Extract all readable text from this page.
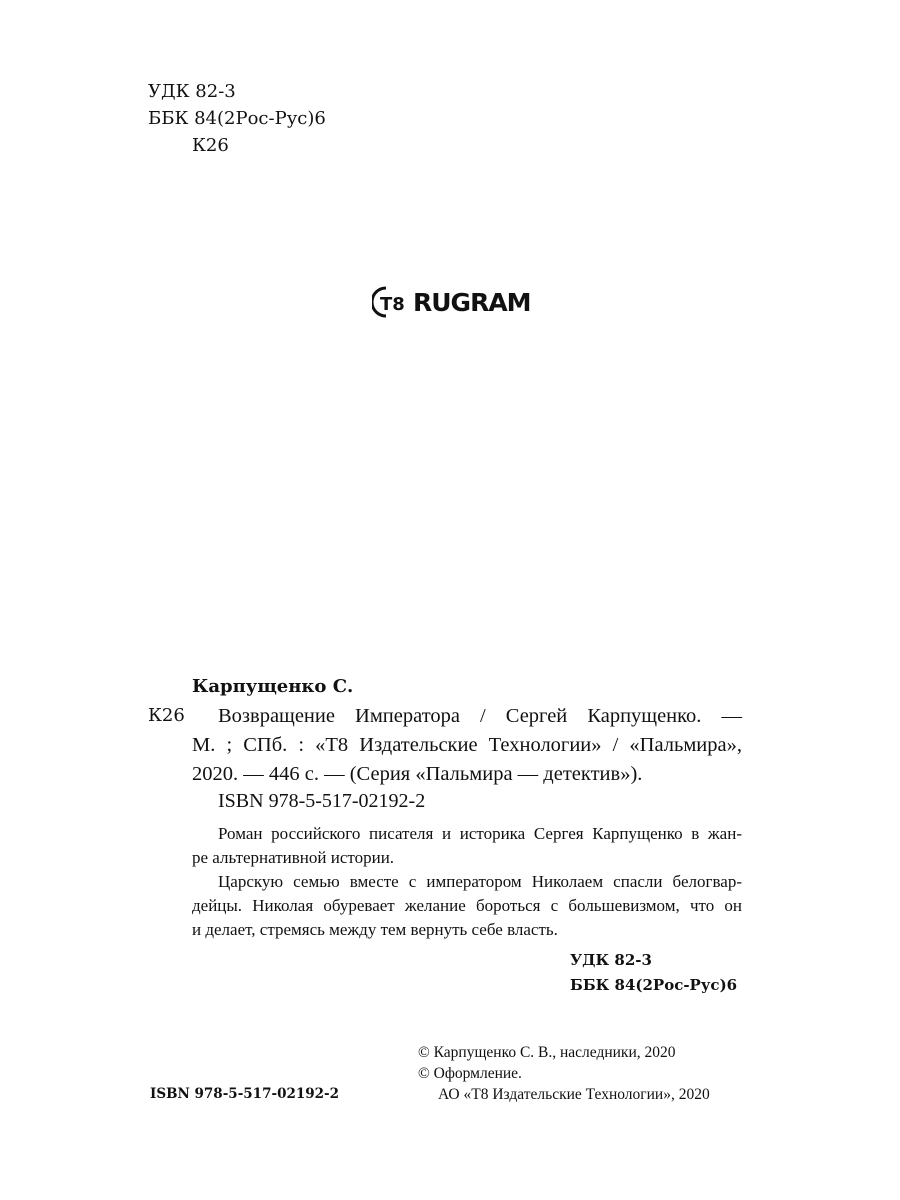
УДК 82-3
ББК 84(2Рос-Рус)6
К26
T8 RUGRAM
Карпущенко С.
К26	Возвращение Императора / Сергей Карпущенко. —
М. ; СПб. : «Т8 Издательские Технологии» / «Пальмира»,
2020. — 446 с. — (Серия «Пальмира — детектив»).
ISBN 978-5-517-02192-2
Роман российского писателя и историка Сергея Карпущенко в жан-
ре альтернативной истории.
Царскую семью вместе с императором Николаем спасли белогвар-
дейцы. Николая обуревает желание бороться с большевизмом, что он
и делает, стремясь между тем вернуть себе власть.
УДК 82-3
ББК 84(2Рос-Рус)6
© Карпущенко С. В., наследники, 2020
© Оформление.
АО «Т8 Издательские Технологии», 2020
ISBN 978-5-517-02192-2
